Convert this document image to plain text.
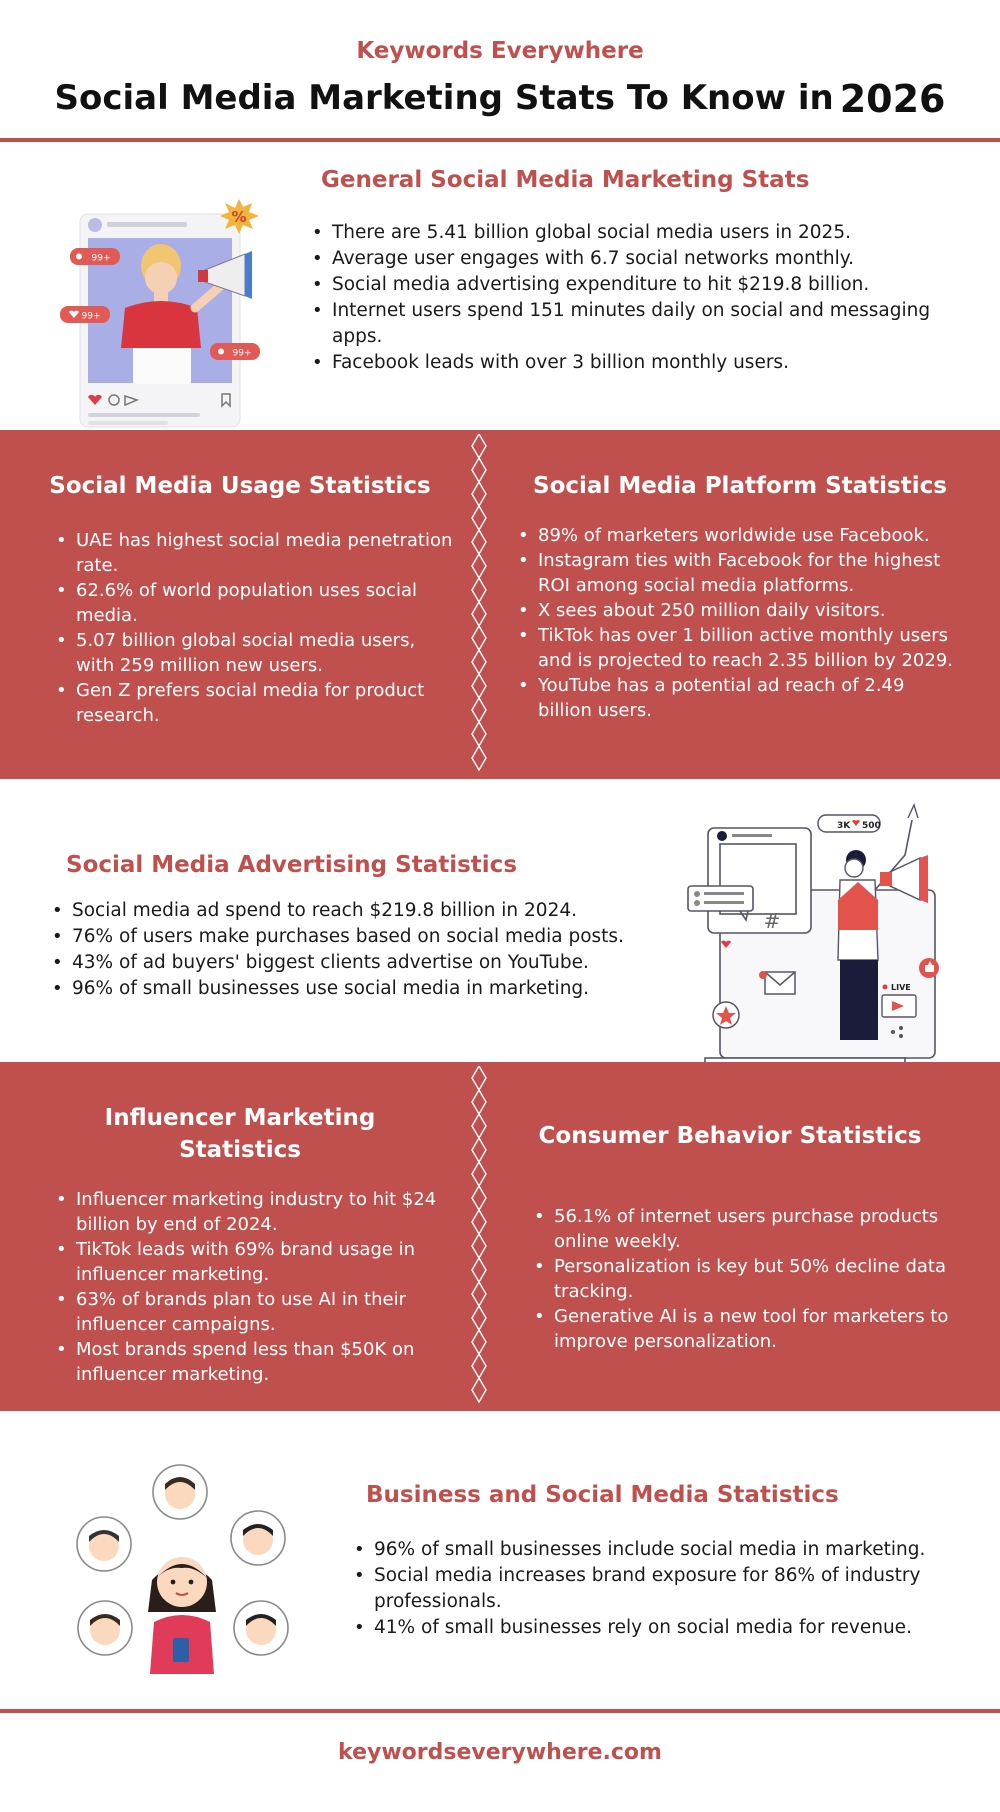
Keywords Everywhere
Social Media Marketing Stats To Know in 2026
99+
99+
99+
%
General Social Media Marketing Stats
• There are 5.41 billion global social media users in 2025.
• Average user engages with 6.7 social networks monthly.
• Social media advertising expenditure to hit $219.8 billion.
• Internet users spend 151 minutes daily on social and messaging apps.
• Facebook leads with over 3 billion monthly users.
Social Media Usage Statistics
• UAE has highest social media penetration rate.
• 62.6% of world population uses social media.
• 5.07 billion global social media users, with 259 million new users.
• Gen Z prefers social media for product research.
Social Media Platform Statistics
• 89% of marketers worldwide use Facebook.
• Instagram ties with Facebook for the highest ROI among social media platforms.
• X sees about 250 million daily visitors.
• TikTok has over 1 billion active monthly users and is projected to reach 2.35 billion by 2029.
• YouTube has a potential ad reach of 2.49 billion users.
Social Media Advertising Statistics
• Social media ad spend to reach $219.8 billion in 2024.
• 76% of users make purchases based on social media posts.
• 43% of ad buyers' biggest clients advertise on YouTube.
• 96% of small businesses use social media in marketing.
#
3K 500
LIVE
Influencer Marketing Statistics
• Influencer marketing industry to hit $24 billion by end of 2024.
• TikTok leads with 69% brand usage in influencer marketing.
• 63% of brands plan to use AI in their influencer campaigns.
• Most brands spend less than $50K on influencer marketing.
Consumer Behavior Statistics
• 56.1% of internet users purchase products online weekly.
• Personalization is key but 50% decline data tracking.
• Generative AI is a new tool for marketers to improve personalization.
Business and Social Media Statistics
• 96% of small businesses include social media in marketing.
• Social media increases brand exposure for 86% of industry professionals.
• 41% of small businesses rely on social media for revenue.
keywordseverywhere.com
